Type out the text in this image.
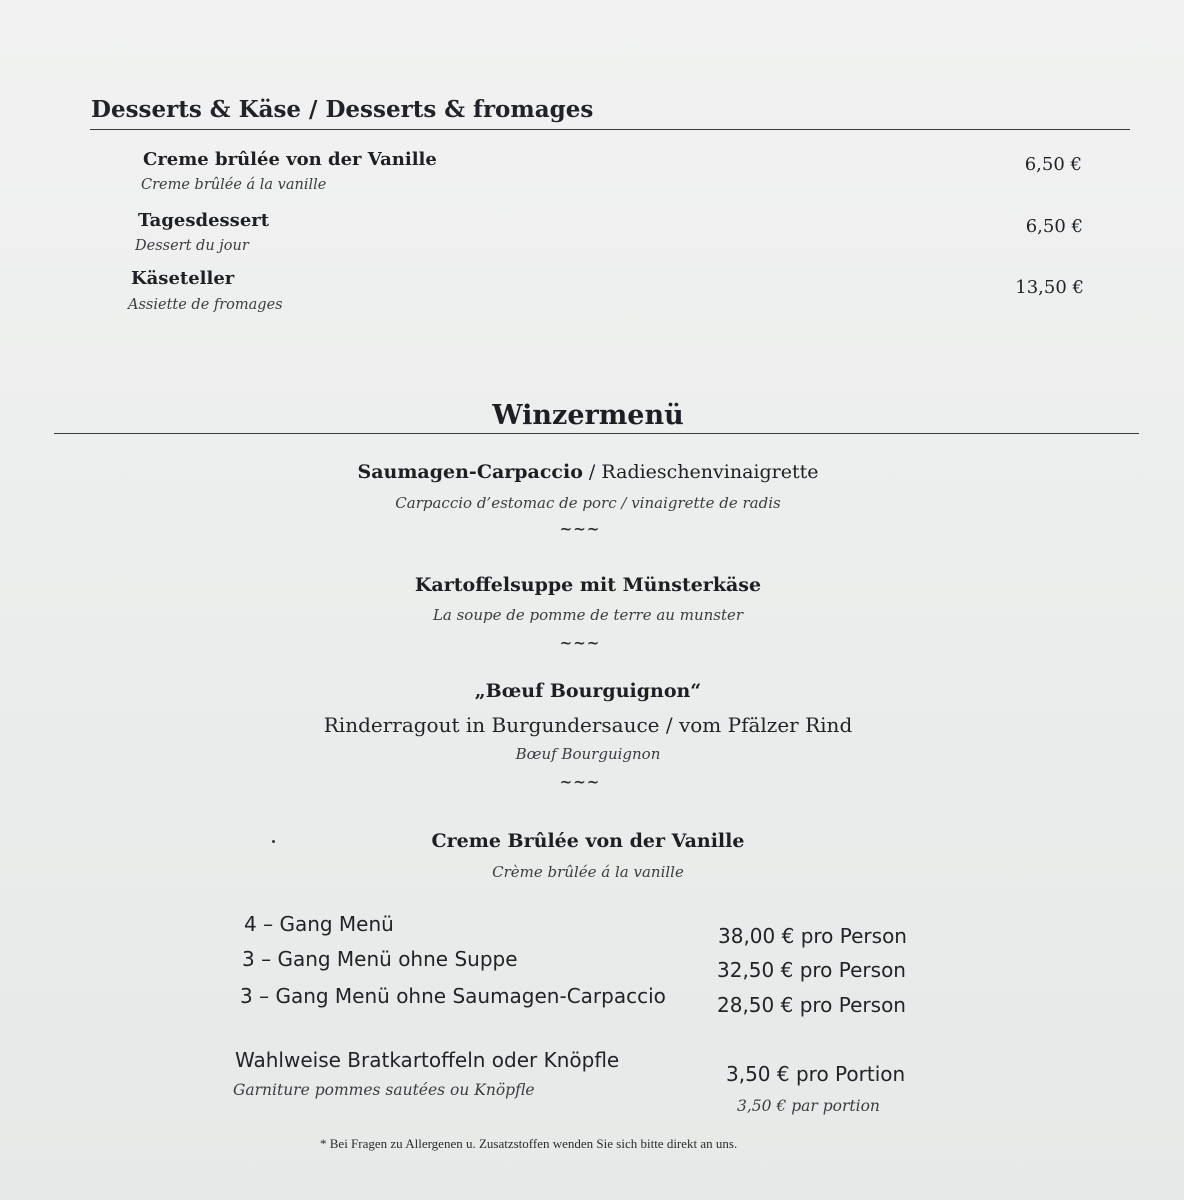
Desserts & Käse / Desserts & fromages
Creme brûlée von der Vanille
Creme brûlée á la vanille
6,50 €
Tagesdessert
Dessert du jour
6,50 €
Käseteller
Assiette de fromages
13,50 €
Winzermenü
Saumagen-Carpaccio / Radieschenvinaigrette
Carpaccio d’estomac de porc / vinaigrette de radis
~~~
Kartoffelsuppe mit Münsterkäse
La soupe de pomme de terre au munster
~~~
„Bœuf Bourguignon“
Rinderragout in Burgundersauce / vom Pfälzer Rind
Bœuf Bourguignon
~~~
Creme Brûlée von der Vanille
Crème brûlée á la vanille
4 – Gang Menü	38,00 € pro Person
3 – Gang Menü ohne Suppe	32,50 € pro Person
3 – Gang Menü ohne Saumagen-Carpaccio	28,50 € pro Person
Wahlweise Bratkartoffeln oder Knöpfle
Garniture pommes sautées ou Knöpfle
3,50 € pro Portion
3,50 € par portion
* Bei Fragen zu Allergenen u. Zusatzstoffen wenden Sie sich bitte direkt an uns.
